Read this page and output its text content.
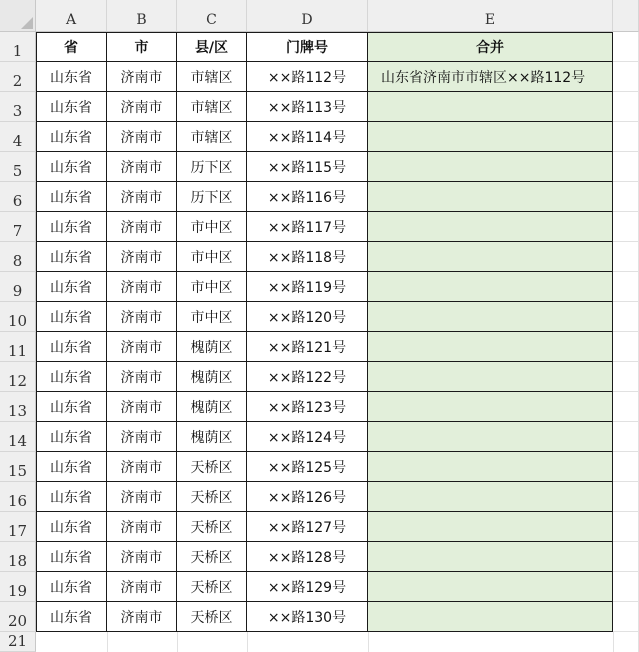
A	B	C	D	E
1	省	市	县/区	门牌号	合并
2	山东省	济南市	市辖区	××路112号	山东省济南市市辖区××路112号
3	山东省	济南市	市辖区	××路113号
4	山东省	济南市	市辖区	××路114号
5	山东省	济南市	历下区	××路115号
6	山东省	济南市	历下区	××路116号
7	山东省	济南市	市中区	××路117号
8	山东省	济南市	市中区	××路118号
9	山东省	济南市	市中区	××路119号
10	山东省	济南市	市中区	××路120号
11	山东省	济南市	槐荫区	××路121号
12	山东省	济南市	槐荫区	××路122号
13	山东省	济南市	槐荫区	××路123号
14	山东省	济南市	槐荫区	××路124号
15	山东省	济南市	天桥区	××路125号
16	山东省	济南市	天桥区	××路126号
17	山东省	济南市	天桥区	××路127号
18	山东省	济南市	天桥区	××路128号
19	山东省	济南市	天桥区	××路129号
20	山东省	济南市	天桥区	××路130号
21
